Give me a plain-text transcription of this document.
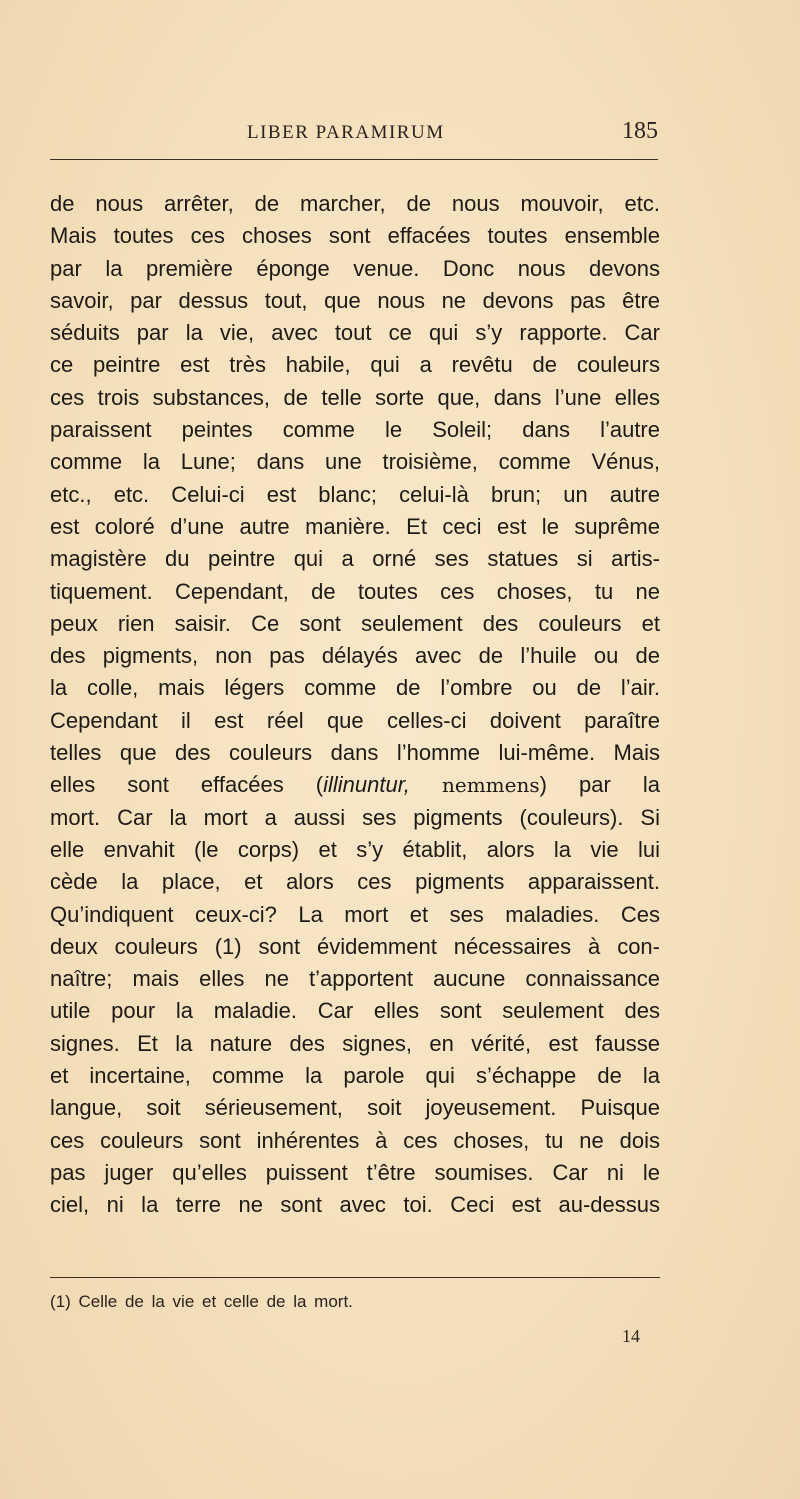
LIBER PARAMIRUM	185
de nous arrêter, de marcher, de nous mouvoir, etc.
Mais toutes ces choses sont effacées toutes ensemble
par la première éponge venue. Donc nous devons
savoir, par dessus tout, que nous ne devons pas être
séduits par la vie, avec tout ce qui s’y rapporte. Car
ce peintre est très habile, qui a revêtu de couleurs
ces trois substances, de telle sorte que, dans l’une elles
paraissent peintes comme le Soleil; dans l’autre
comme la Lune; dans une troisième, comme Vénus,
etc., etc. Celui-ci est blanc; celui-là brun; un autre
est coloré d’une autre manière. Et ceci est le suprême
magistère du peintre qui a orné ses statues si artis-
tiquement. Cependant, de toutes ces choses, tu ne
peux rien saisir. Ce sont seulement des couleurs et
des pigments, non pas délayés avec de l’huile ou de
la colle, mais légers comme de l’ombre ou de l’air.
Cependant il est réel que celles-ci doivent paraître
telles que des couleurs dans l’homme lui-même. Mais
elles sont effacées (illinuntur, nemmens) par la
mort. Car la mort a aussi ses pigments (couleurs). Si
elle envahit (le corps) et s’y établit, alors la vie lui
cède la place, et alors ces pigments apparaissent.
Qu’indiquent ceux-ci? La mort et ses maladies. Ces
deux couleurs (1) sont évidemment nécessaires à con-
naître; mais elles ne t’apportent aucune connaissance
utile pour la maladie. Car elles sont seulement des
signes. Et la nature des signes, en vérité, est fausse
et incertaine, comme la parole qui s’échappe de la
langue, soit sérieusement, soit joyeusement. Puisque
ces couleurs sont inhérentes à ces choses, tu ne dois
pas juger qu’elles puissent t’être soumises. Car ni le
ciel, ni la terre ne sont avec toi. Ceci est au-dessus
(1) Celle de la vie et celle de la mort.
14
